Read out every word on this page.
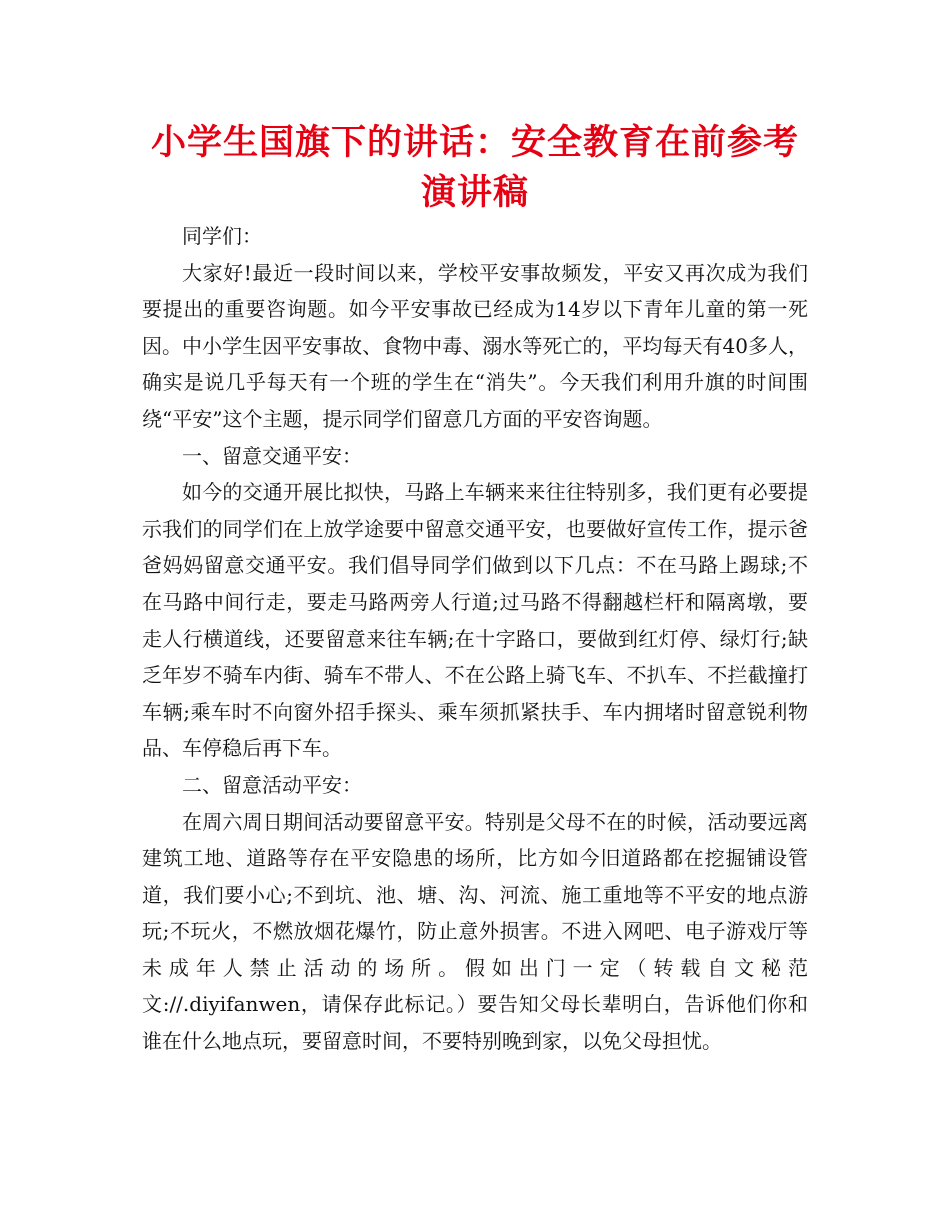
小学生国旗下的讲话：安全教育在前参考
演讲稿

同学们：

大家好!最近一段时间以来，学校平安事故频发，平安又再次成为我们要提出的重要咨询题。如今平安事故已经成为14岁以下青年儿童的第一死因。中小学生因平安事故、食物中毒、溺水等死亡的，平均每天有40多人，确实是说几乎每天有一个班的学生在“消失”。今天我们利用升旗的时间围绕“平安”这个主题，提示同学们留意几方面的平安咨询题。

一、留意交通平安：

如今的交通开展比拟快，马路上车辆来来往往特别多，我们更有必要提示我们的同学们在上放学途要中留意交通平安，也要做好宣传工作，提示爸爸妈妈留意交通平安。我们倡导同学们做到以下几点：不在马路上踢球;不在马路中间行走，要走马路两旁人行道;过马路不得翻越栏杆和隔离墩，要走人行横道线，还要留意来往车辆;在十字路口，要做到红灯停、绿灯行;缺乏年岁不骑车内街、骑车不带人、不在公路上骑飞车、不扒车、不拦截撞打车辆;乘车时不向窗外招手探头、乘车须抓紧扶手、车内拥堵时留意锐利物品、车停稳后再下车。

二、留意活动平安：

在周六周日期间活动要留意平安。特别是父母不在的时候，活动要远离建筑工地、道路等存在平安隐患的场所，比方如今旧道路都在挖掘铺设管道，我们要小心;不到坑、池、塘、沟、河流、施工重地等不平安的地点游玩;不玩火，不燃放烟花爆竹，防止意外损害。不进入网吧、电子游戏厅等未成年人禁止活动的场所。假如出门一定（转载自文秘范文://.diyifanwen，请保存此标记。）要告知父母长辈明白，告诉他们你和谁在什么地点玩，要留意时间，不要特别晚到家，以免父母担忧。
